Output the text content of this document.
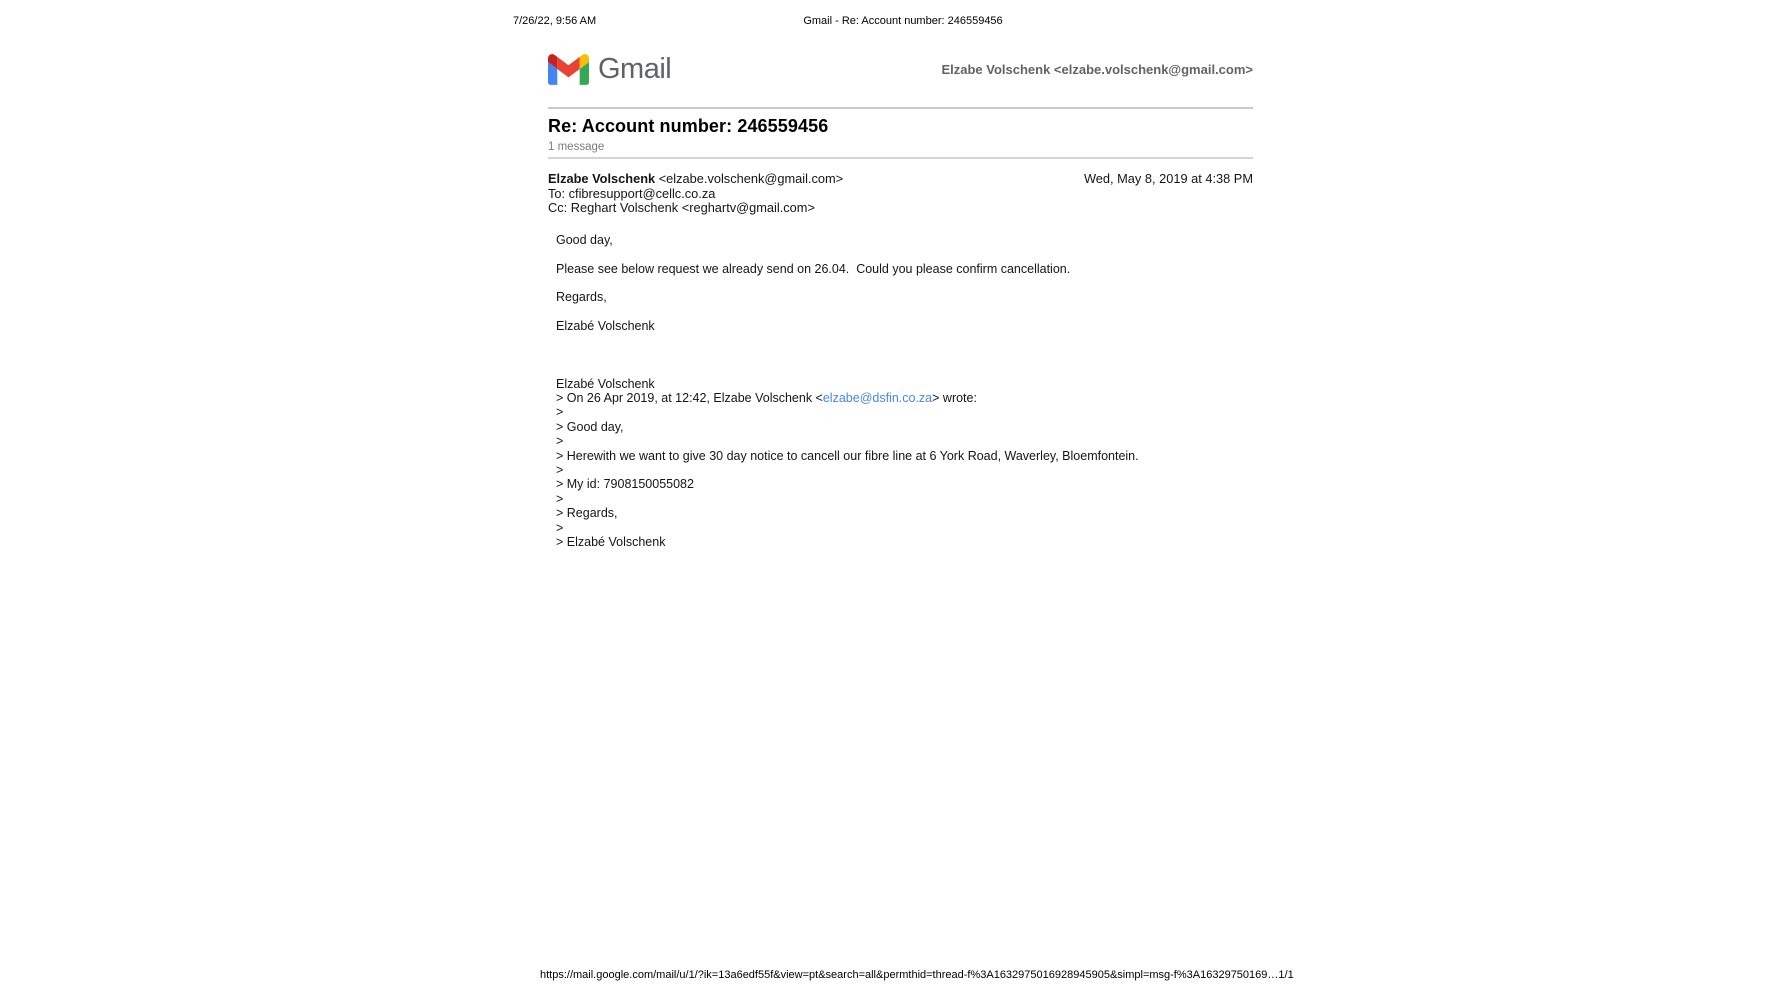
7/26/22, 9:56 AM	Gmail - Re: Account number: 246559456
Gmail	Elzabe Volschenk <elzabe.volschenk@gmail.com>
Re: Account number: 246559456
1 message
Elzabe Volschenk <elzabe.volschenk@gmail.com>
To: cfibresupport@cellc.co.za
Cc: Reghart Volschenk <reghartv@gmail.com>
Wed, May 8, 2019 at 4:38 PM
Good day,
Please see below request we already send on 26.04.  Could you please confirm cancellation.
Regards,
Elzabé Volschenk
Elzabé Volschenk
> On 26 Apr 2019, at 12:42, Elzabe Volschenk <elzabe@dsfin.co.za> wrote:
>
> Good day,
>
> Herewith we want to give 30 day notice to cancell our fibre line at 6 York Road, Waverley, Bloemfontein.
>
> My id: 7908150055082
>
> Regards,
>
> Elzabé Volschenk
https://mail.google.com/mail/u/1/?ik=13a6edf55f&view=pt&search=all&permthid=thread-f%3A1632975016928945905&simpl=msg-f%3A16329750169… 1/1
